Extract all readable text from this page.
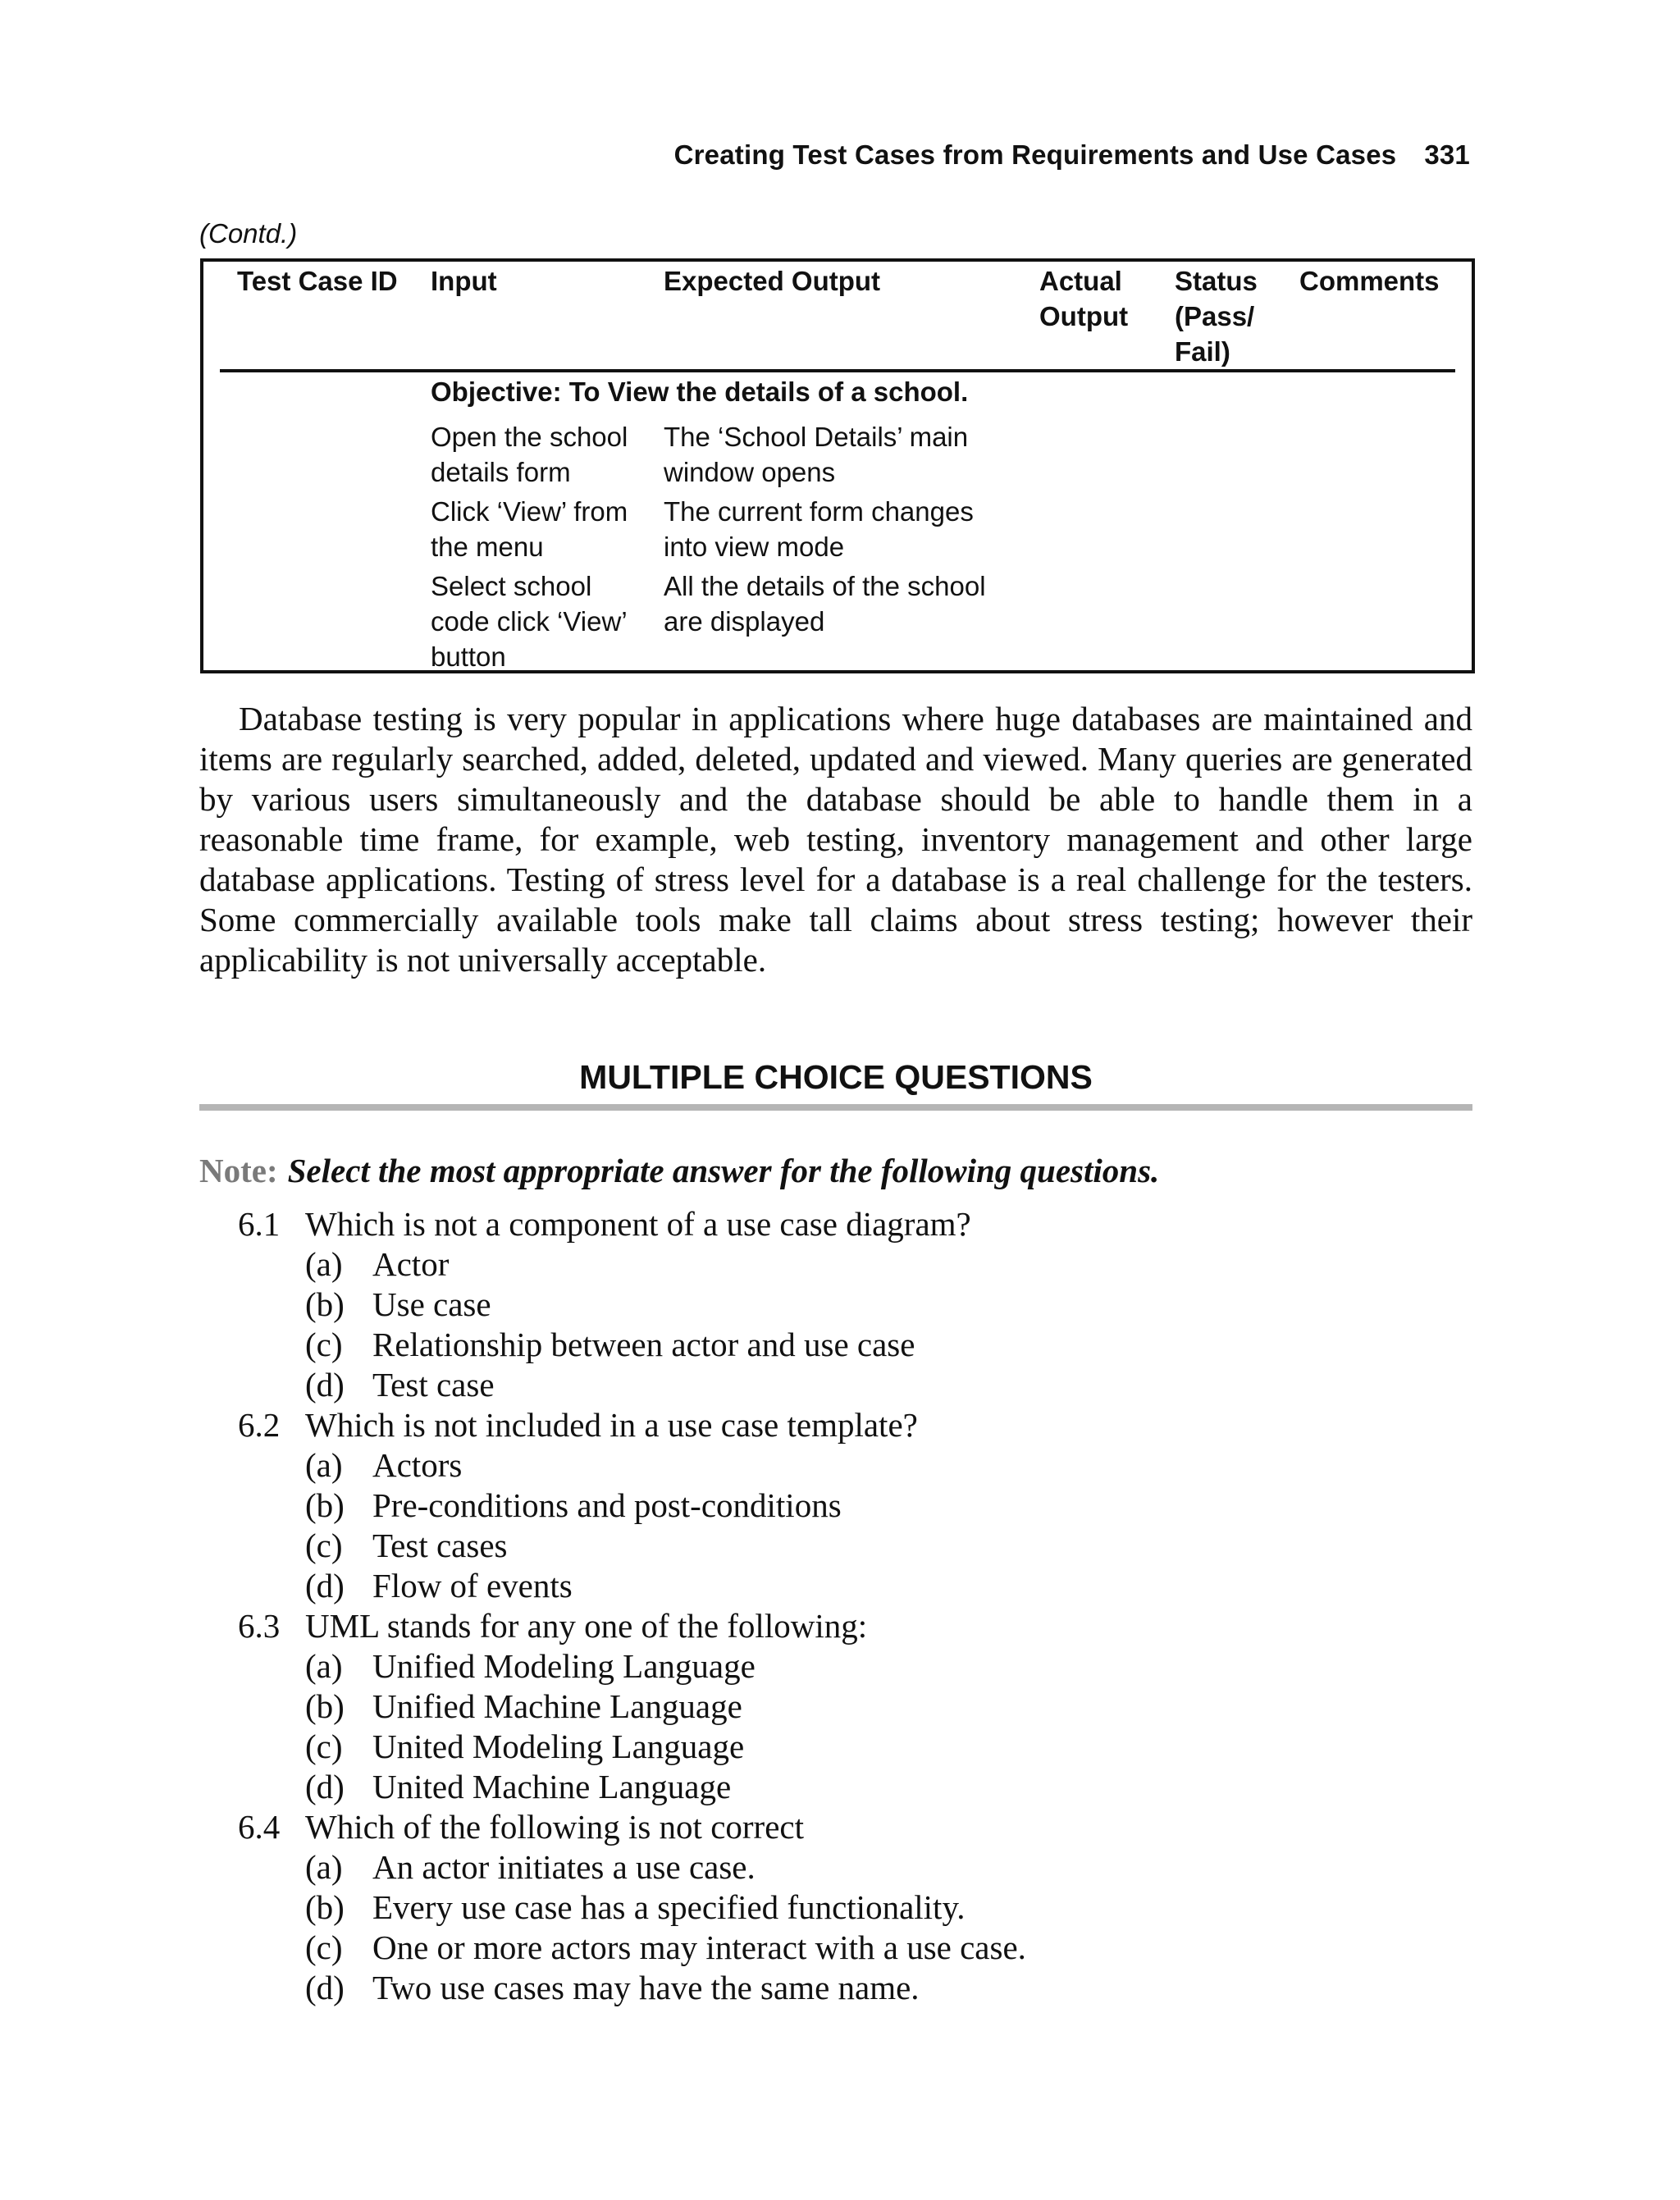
Creating Test Cases from Requirements and Use Cases 331
(Contd.)
Test Case ID Input	Expected Output	Actual
Output
Status
(Pass/
Fail)
Comments
Objective: To View the details of a school.
Open the school
details form
The ‘School Details’ main
window opens
Click ‘View’ from
the menu
The current form changes
into view mode
Select school
code click ‘View’
button
All the details of the school
are displayed
Database testing is very popular in applications where huge databases are maintained and items are regularly searched, added, deleted, updated and viewed. Many queries are generated by various users simultaneously and the database should be able to handle them in a reasonable time frame, for example, web testing, inventory management and other large database applications. Testing of stress level for a database is a real challenge for the testers. Some commercially available tools make tall claims about stress testing; however their applicability is not universally acceptable.
MULTIPLE CHOICE QUESTIONS
Note: Select the most appropriate answer for the following questions.
6.1 Which is not a component of a use case diagram?
(a) Actor
(b) Use case
(c) Relationship between actor and use case
(d) Test case
6.2 Which is not included in a use case template?
(a) Actors
(b) Pre-conditions and post-conditions
(c) Test cases
(d) Flow of events
6.3 UML stands for any one of the following:
(a) Unified Modeling Language
(b) Unified Machine Language
(c) United Modeling Language
(d) United Machine Language
6.4 Which of the following is not correct
(a) An actor initiates a use case.
(b) Every use case has a specified functionality.
(c) One or more actors may interact with a use case.
(d) Two use cases may have the same name.
